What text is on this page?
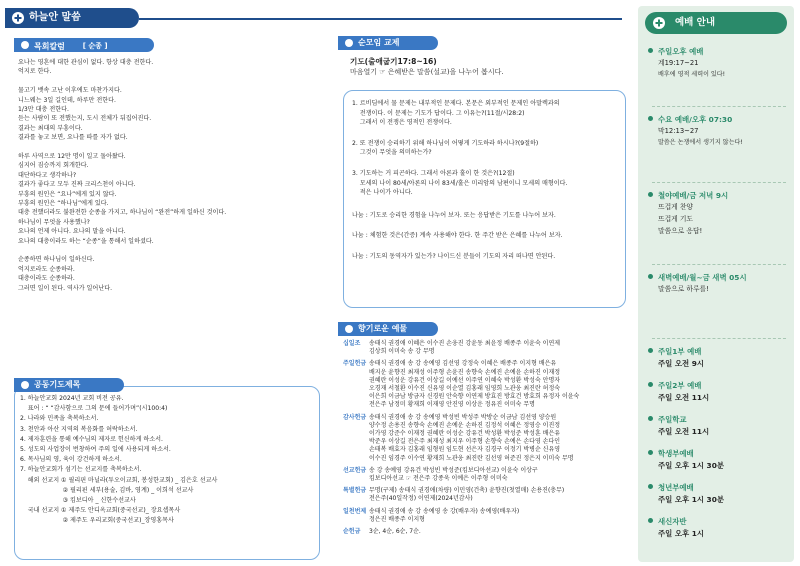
하늘안 말씀
목회칼럼	[ 순종 ]
요나는 영혼에 대한 관심이 없다. 항상 대충 전한다.
억지로 한다.
물고기 뱃속 고난 이후에도 마찬가지다.
니느웨는 3일 길인데, 하루만 전한다.
1/3만 대충 전한다.
듣는 사람이 또 전했는지, 도시 전체가 뒤집어진다.
결과는 최대의 부흥이다.
결과를 놓고 보면, 요나를 따를 자가 없다.
하루 사역으로 12만 명이 일고 돌아왔다.
심지어 짐승까지 회개한다.
대단하다고 생각하나?
결과가 좋다고 모두 진짜 크리스천이 아니다.
부흥의 원인은 “요나”에게 있지 않다.
부흥의 원인은 “하나님”에게 있다.
대충 전했더라도 불완전한 순종을 가지고, 하나님이 “완전”하게 일하신 것이다.
하나님이 무엇을 사용했나?
요나의 언제 아니다. 요나의 말을 아니다.
요나의 대충이라도 하는 “순종”을 통해서 일하셨다.
순종하면 하나님이 일하신다.
억지로라도 순종하라.
대충이라도 순종하라.
그러면 일이 된다. 역사가 일어난다.
공동기도제목
1. 하늘안교회 2024년 교회 비전 공유.
표어 : “ “감사함으로 그의 문에 들어가며”(시100:4)
2. 나라와 민족을 축복하소서.
3. 천안과 아산 지역의 복음화를 허락하소서.
4. 제자훈련을 통해 예수님의 제자로 헌신하게 하소서.
5. 성도의 사업장이 번창하여 주의 일에 사용되게 하소서.
6. 목사님의 영, 육이 강건하게 하소서.
7. 하늘안교회가 섬기는 선교지를 축복하소서.
해외 선교지 ① 필리핀 마닐라(투오이교회, 봉성한교회) _ 김은호 선교사
② 필리핀 세부(용술, 김바, 영계) _ 이희석 선교사
③ 킴보디아 _ 신한수선교사
국내 선교지 ① 제주도 안디옥교회(중국선교)_ 장요셉목사
② 제주도 우리교회(중국선교)_장영홍목사
순모임 교제
기도(출애굽기17:8~16)
마음열기 ☞ 은혜받은 말씀(설교)을 나누어 봅시다.
1. 르비딤에서 물 문제는 내부적인 문제다. 본문은 외부적인 문제인 아말렉과의
전쟁이다. 이 문제는 기도가 답이다. 그 이유는?(11절/시28:2)
그래서 이 전쟁은 영적인 전쟁이다.
2. 또 전쟁이 승리하기 위해 하나님이 어떻게 기도하라 하시나?(9절하)
그것이 무엇을 의미하는가?
3. 기도하는 거 피곤하다. 그래서 아론과 훌이 한 것은?(12절)
모세의 나이 80세/아론의 나이 83세/훌은 미리암의 남편이니 모세의 매형이다.
적은 나이가 아니다.
나눔 : 기도로 승리한 경험을 나누어 보자. 또는 응답받은 기도를 나누어 보자.
나눔 : 체험한 것은(간증) 계속 사용해야 한다. 한 주간 받은 은혜를 나누어 보자.
나눔 : 기도의 동역자가 있는가? 나이드신 분들이 기도의 자리 떠나면 안된다.
향기로운 예물
십일조	송태식 권경애 이혜은 이수진 손웅진 강윤동 최윤정 배종주 이윤숙 이연제
김상희 이미숙 송 강 무명
주일헌금 송태식 권경애 송 강 송예영 김선영 강정숙 이혜은 배종주 이지형 배은유
배지운 윤향진 최재성 이주형 손윤진 송향숙 손예진 손예윤 손하진 이재정
권혜란 이성운 강유건 이상길 이예선 이주연 이혜숙 박성환 박성숙 안명자
오경재 서철환 이수진 신유영 이순열 김홍래 임영희 노관웅 최진란 허정숙
이은희 이금남 방금자 신경원 안숙향 이연제 방효진 방효건 방효희 유정자 이윤숙
전은주 남정미 황재희 이재영 안진영 이상운 정유진 이미숙 무명
감사헌금 송태식 권경애 송 강 송예영 박성빈 박성주 박방순 이금남 김선영 양승원
양수정 손용진 송향숙 손예진 손예운 손하진 김정석 이혜은 정영승 이진정
이가영 강준수 이재정 권혜란 이성순 강유건 박성환 박성준 박성훈 배은유
박준우 이상길 전은주 최재성 최지우 이주형 손향숙 손예은 손다영 손다인
손태복 배효자 김홍래 임형원 임도현 선은자 김경구 이정기 박병순 신유영
이수진 임경주 이수연 황재희 노관웅 최진란 김선영 허준진 정은지 이미숙 무명
선교헌금 송 강 송예영 강유건 박성빈 박성준(킴보디아선교) 이윤숙 이상구
킴보디아선교 ☞ 전은주 강종욱 이예은 이주형 이미숙
특별헌금 무명(구제) 송태식 권경애(차량) 이민영(건축) 윤향진(첫열매) 손용진(충무)
전은주(40일작정) 이연제(2024년감사)
일천번제 송태식 권경애 송 강 송예영 송 강(배우자) 송예영(배우자)
정은진 배종주 이지형
순헌금	3순, 4순, 6순, 7순.
예배 안내
주일오후 예배
계19:17~21
배후에 영적 세력이 있다!
수요 예배/오후 07:30
막12:13~27
말씀은 논쟁에서 생기지 않는다!
철야예배/금 저녁 9시
뜨겁게 찬양
뜨겁게 기도
말씀으로 응답!
새벽예배/월~금 새벽 05시
말씀으로 하루를!
주일1부 예배
주일 오전 9시
주일2부 예배
주일 오전 11시
주일학교
주일 오전 11시
학생부예배
주일 오후 1시 30분
청년부예배
주일 오후 1시 30분
새신자반
주일 오후 1시
